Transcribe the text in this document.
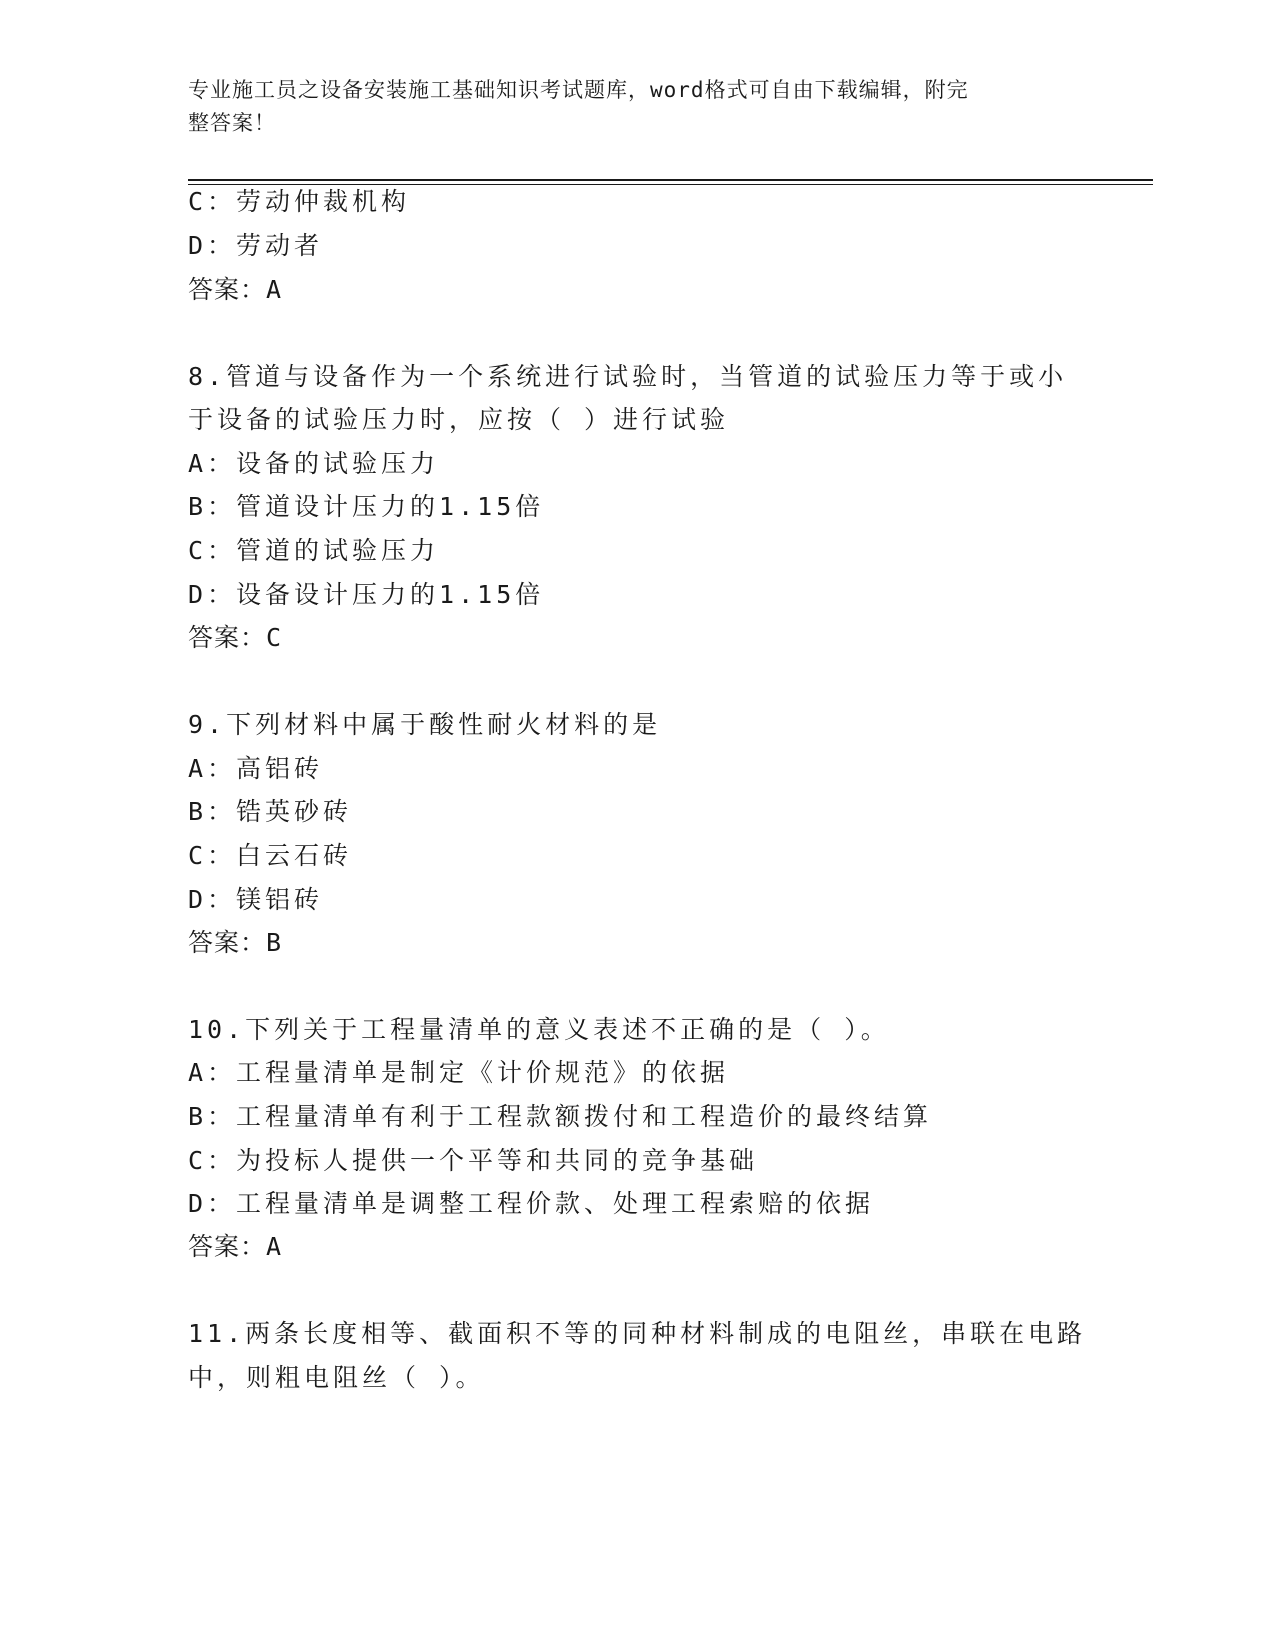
专业施工员之设备安装施工基础知识考试题库，word格式可自由下载编辑，附完
整答案！
C：劳动仲裁机构
D：劳动者
答案：A
8.管道与设备作为一个系统进行试验时，当管道的试验压力等于或小
于设备的试验压力时，应按（ ）进行试验
A：设备的试验压力
B：管道设计压力的1.15倍
C：管道的试验压力
D：设备设计压力的1.15倍
答案：C
9.下列材料中属于酸性耐火材料的是
A：高铝砖
B：锆英砂砖
C：白云石砖
D：镁铝砖
答案：B
10.下列关于工程量清单的意义表述不正确的是（ ）。
A：工程量清单是制定《计价规范》的依据
B：工程量清单有利于工程款额拨付和工程造价的最终结算
C：为投标人提供一个平等和共同的竞争基础
D：工程量清单是调整工程价款、处理工程索赔的依据
答案：A
11.两条长度相等、截面积不等的同种材料制成的电阻丝，串联在电路
中，则粗电阻丝（ ）。
